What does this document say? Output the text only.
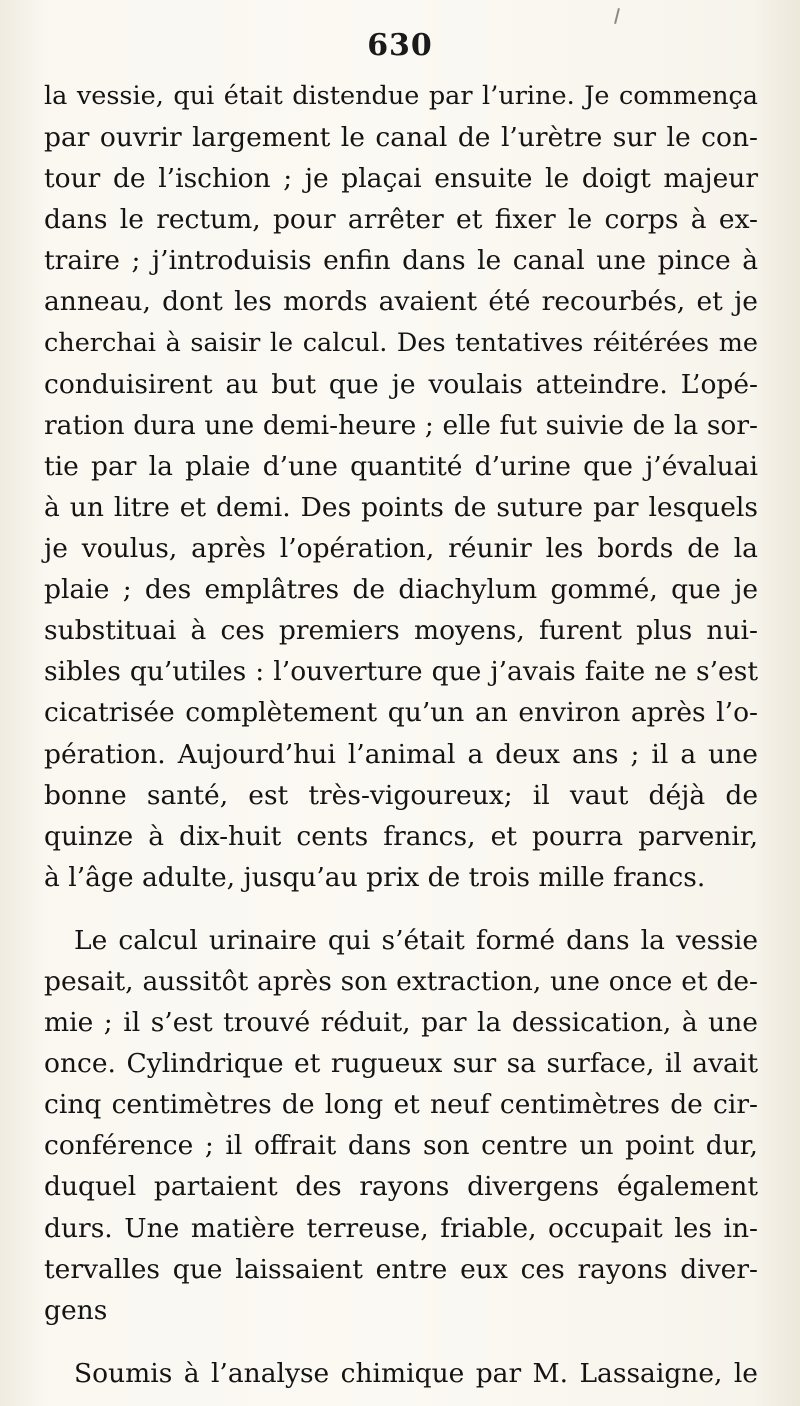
630
la vessie, qui était distendue par l’urine. Je commença
par ouvrir largement le canal de l’urètre sur le con-
tour de l’ischion ; je plaçai ensuite le doigt majeur
dans le rectum, pour arrêter et fixer le corps à ex-
traire ; j’introduisis enfin dans le canal une pince à
anneau, dont les mords avaient été recourbés, et je
cherchai à saisir le calcul. Des tentatives réitérées me
conduisirent au but que je voulais atteindre. L’opé-
ration dura une demi-heure ; elle fut suivie de la sor-
tie par la plaie d’une quantité d’urine que j’évaluai
à un litre et demi. Des points de suture par lesquels
je voulus, après l’opération, réunir les bords de la
plaie ; des emplâtres de diachylum gommé, que je
substituai à ces premiers moyens, furent plus nui-
sibles qu’utiles : l’ouverture que j’avais faite ne s’est
cicatrisée complètement qu’un an environ après l’o-
pération. Aujourd’hui l’animal a deux ans ; il a une
bonne santé, est très-vigoureux; il vaut déjà de
quinze à dix-huit cents francs, et pourra parvenir,
à l’âge adulte, jusqu’au prix de trois mille francs.
Le calcul urinaire qui s’était formé dans la vessie
pesait, aussitôt après son extraction, une once et de-
mie ; il s’est trouvé réduit, par la dessication, à une
once. Cylindrique et rugueux sur sa surface, il avait
cinq centimètres de long et neuf centimètres de cir-
conférence ; il offrait dans son centre un point dur,
duquel partaient des rayons divergens également
durs. Une matière terreuse, friable, occupait les in-
tervalles que laissaient entre eux ces rayons diver-
gens
Soumis à l’analyse chimique par M. Lassaigne, le
